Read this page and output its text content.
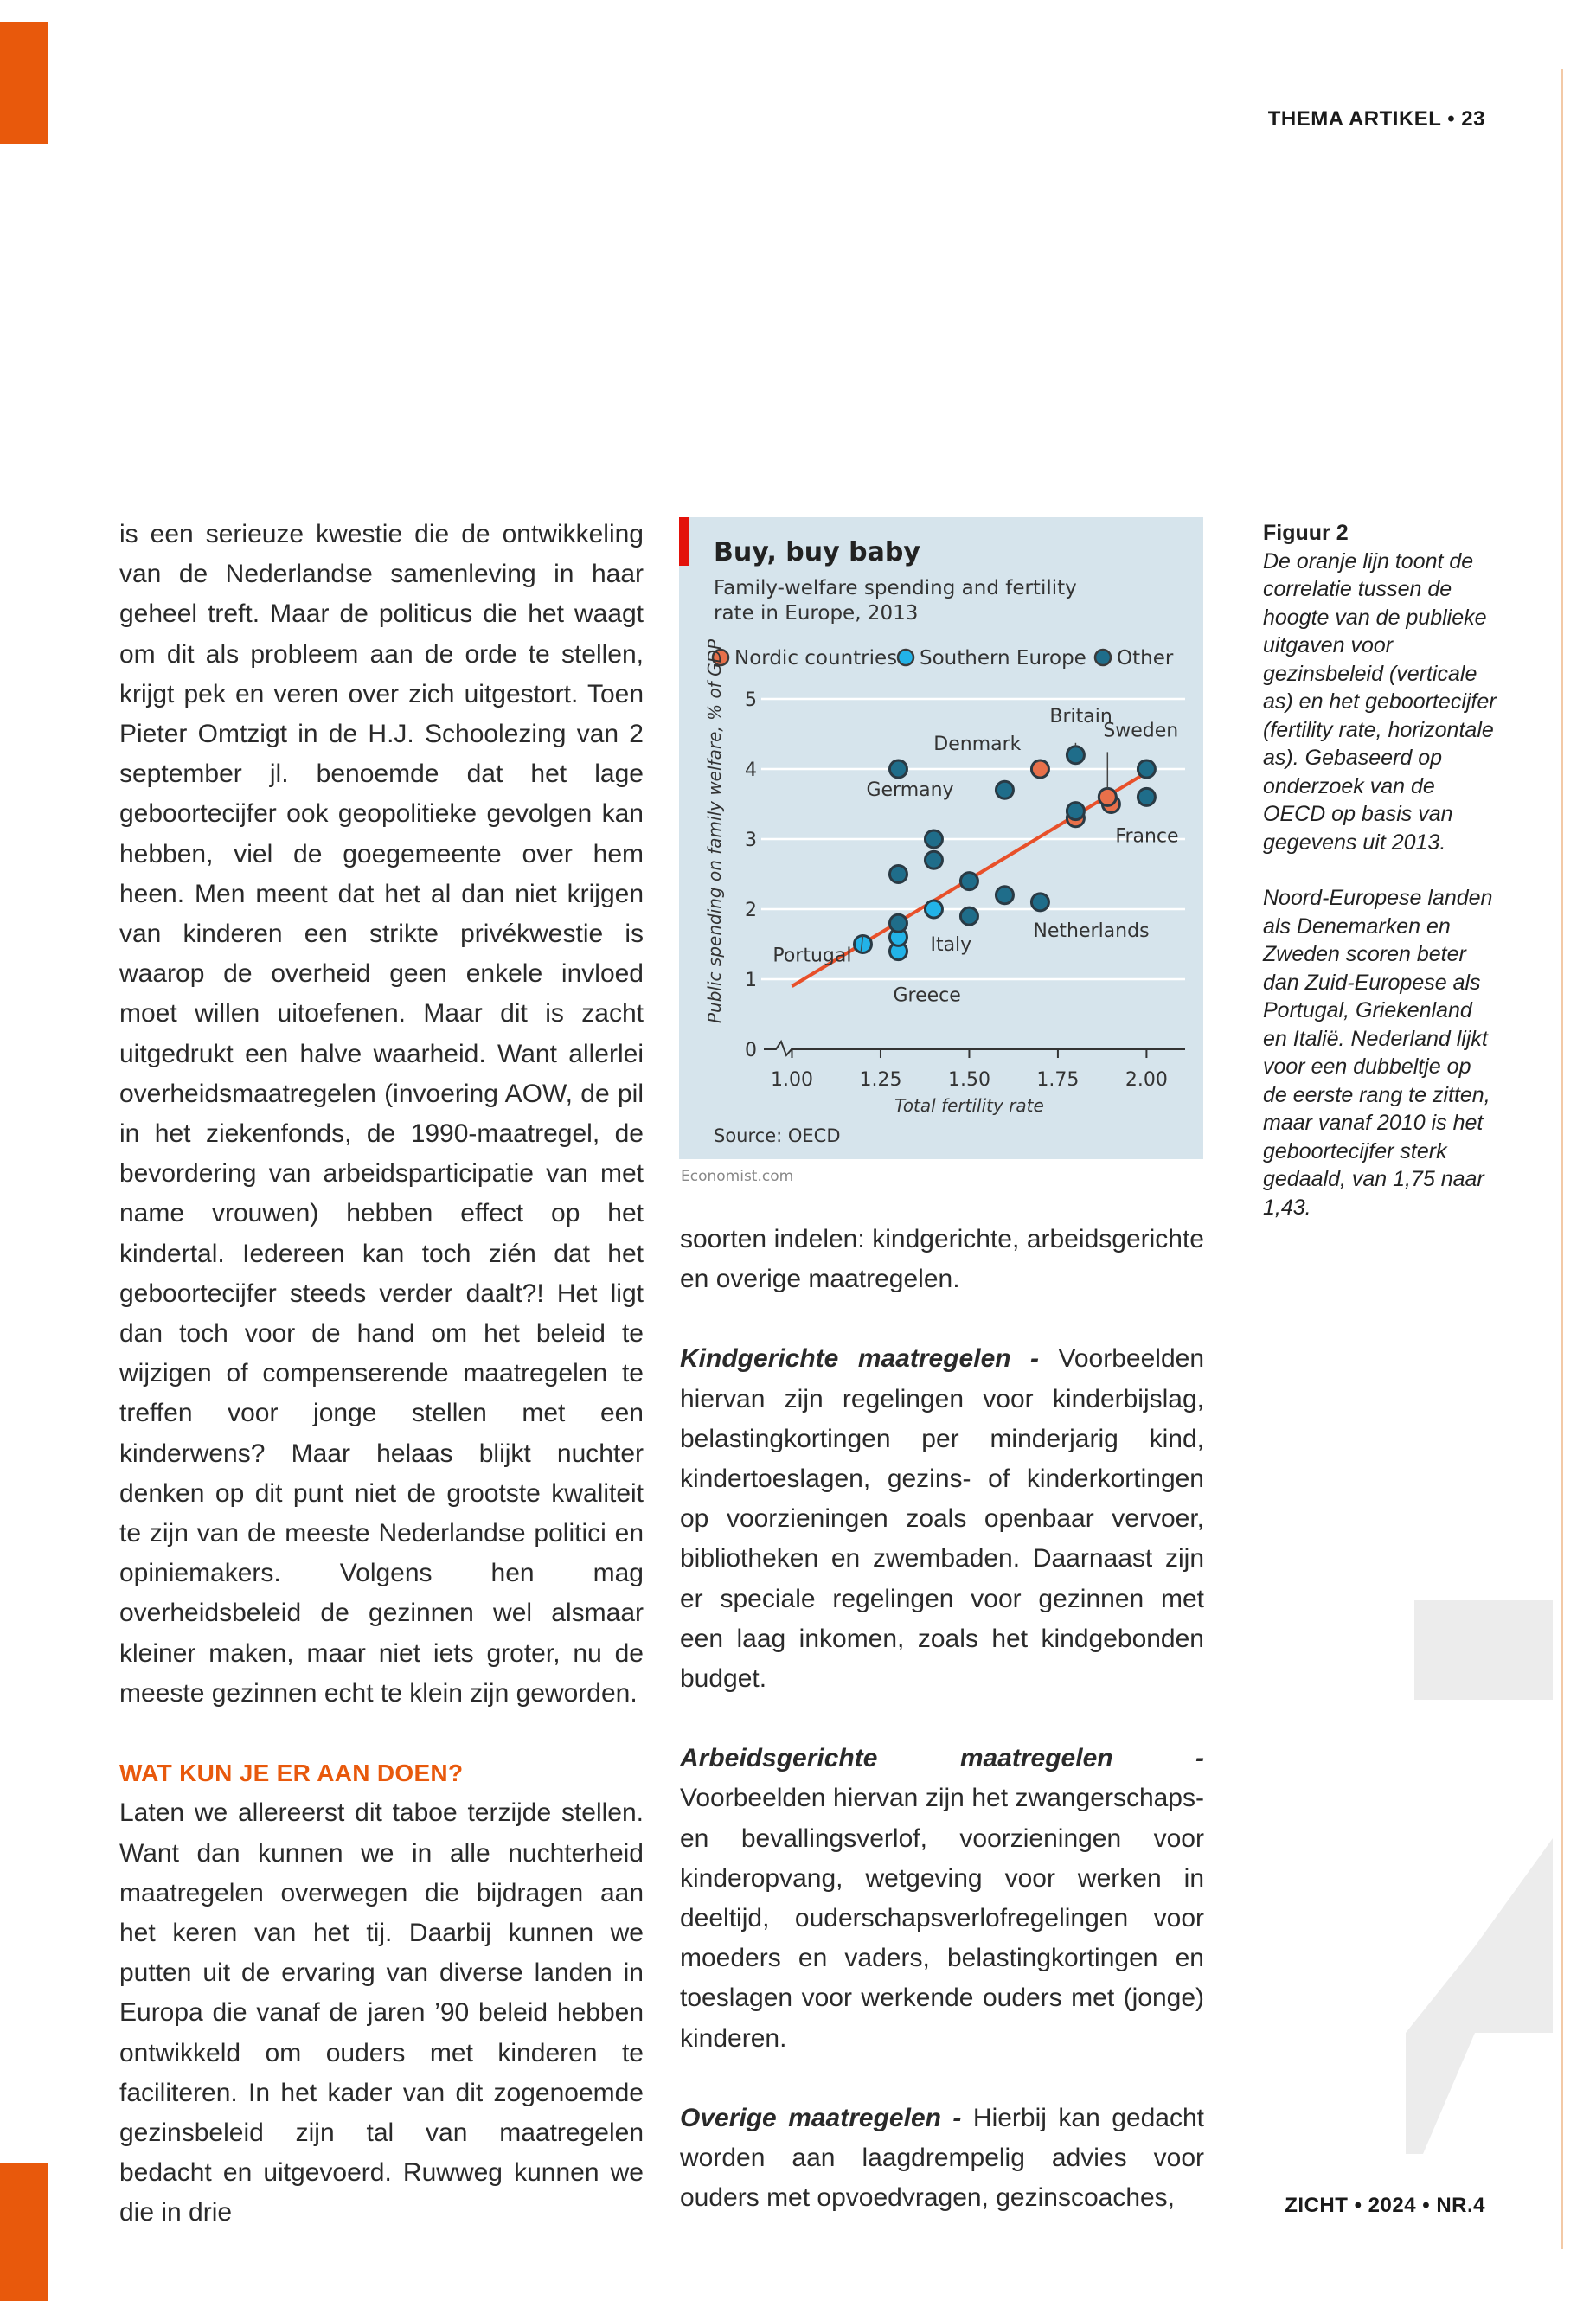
THEMA ARTIKEL • 23

is een serieuze kwestie die de ontwikkeling van de Nederlandse samenleving in haar geheel treft. Maar de politicus die het waagt om dit als probleem aan de orde te stellen, krijgt pek en veren over zich uitgestort. Toen Pieter Omtzigt in de H.J. Schoolezing van 2 september jl. benoemde dat het lage geboortecijfer ook geopolitieke gevolgen kan hebben, viel de goegemeente over hem heen. Men meent dat het al dan niet krijgen van kinderen een strikte privékwestie is waarop de overheid geen enkele invloed moet willen uitoefenen. Maar dit is zacht uitgedrukt een halve waarheid. Want allerlei overheidsmaatregelen (invoering AOW, de pil in het ziekenfonds, de 1990-maatregel, de bevordering van arbeidsparticipatie van met name vrouwen) hebben effect op het kindertal. Iedereen kan toch zién dat het geboortecijfer steeds verder daalt?! Het ligt dan toch voor de hand om het beleid te wijzigen of compenserende maatregelen te treffen voor jonge stellen met een kinderwens? Maar helaas blijkt nuchter denken op dit punt niet de grootste kwaliteit te zijn van de meeste Nederlandse politici en opiniemakers. Volgens hen mag overheidsbeleid de gezinnen wel alsmaar kleiner maken, maar niet iets groter, nu de meeste gezinnen echt te klein zijn geworden.

WAT KUN JE ER AAN DOEN?

Laten we allereerst dit taboe terzijde stellen. Want dan kunnen we in alle nuchterheid maatregelen overwegen die bijdragen aan het keren van het tij. Daarbij kunnen we putten uit de ervaring van diverse landen in Europa die vanaf de jaren ’90 beleid hebben ontwikkeld om ouders met kinderen te faciliteren. In het kader van dit zogenoemde gezinsbeleid zijn tal van maatregelen bedacht en uitgevoerd. Ruwweg kunnen we die in drie

Buy, buy baby
Family-welfare spending and fertility
rate in Europe, 2013
Nordic countries Southern Europe Other
0
1
2
3
4
5
1.00 1.25 1.50 1.75 2.00
Denmark
Britain
Sweden
France
Germany
Netherlands
Italy
Portugal
Greece
Public spending on family welfare, % of GDP
Total fertility rate
Source: OECD
Economist.com

soorten indelen: kindgerichte, arbeidsgerichte en overige maatregelen.

Kindgerichte maatregelen - Voorbeelden hiervan zijn regelingen voor kinderbijslag, belastingkortingen per minderjarig kind, kindertoeslagen, gezins- of kinderkortingen op voorzieningen zoals openbaar vervoer, bibliotheken en zwembaden. Daarnaast zijn er speciale regelingen voor gezinnen met een laag inkomen, zoals het kindgebonden budget.

Arbeidsgerichte maatregelen - Voorbeelden hiervan zijn het zwangerschaps- en bevallingsverlof, voorzieningen voor kinderopvang, wetgeving voor werken in deeltijd, ouderschapsverlofregelingen voor moeders en vaders, belastingkortingen en toeslagen voor werkende ouders met (jonge) kinderen.

Overige maatregelen - Hierbij kan gedacht worden aan laagdrempelig advies voor ouders met opvoedvragen, gezinscoaches,

Figuur 2
De oranje lijn toont de correlatie tussen de hoogte van de publieke uitgaven voor gezinsbeleid (verticale as) en het geboortecijfer (fertility rate, horizontale as). Gebaseerd op onderzoek van de OECD op basis van gegevens uit 2013.
Noord-Europese landen als Denemarken en Zweden scoren beter dan Zuid-Europese als Portugal, Griekenland en Italië. Nederland lijkt voor een dubbeltje op de eerste rang te zitten, maar vanaf 2010 is het geboortecijfer sterk gedaald, van 1,75 naar 1,43.
ZICHT • 2024 • NR.4
